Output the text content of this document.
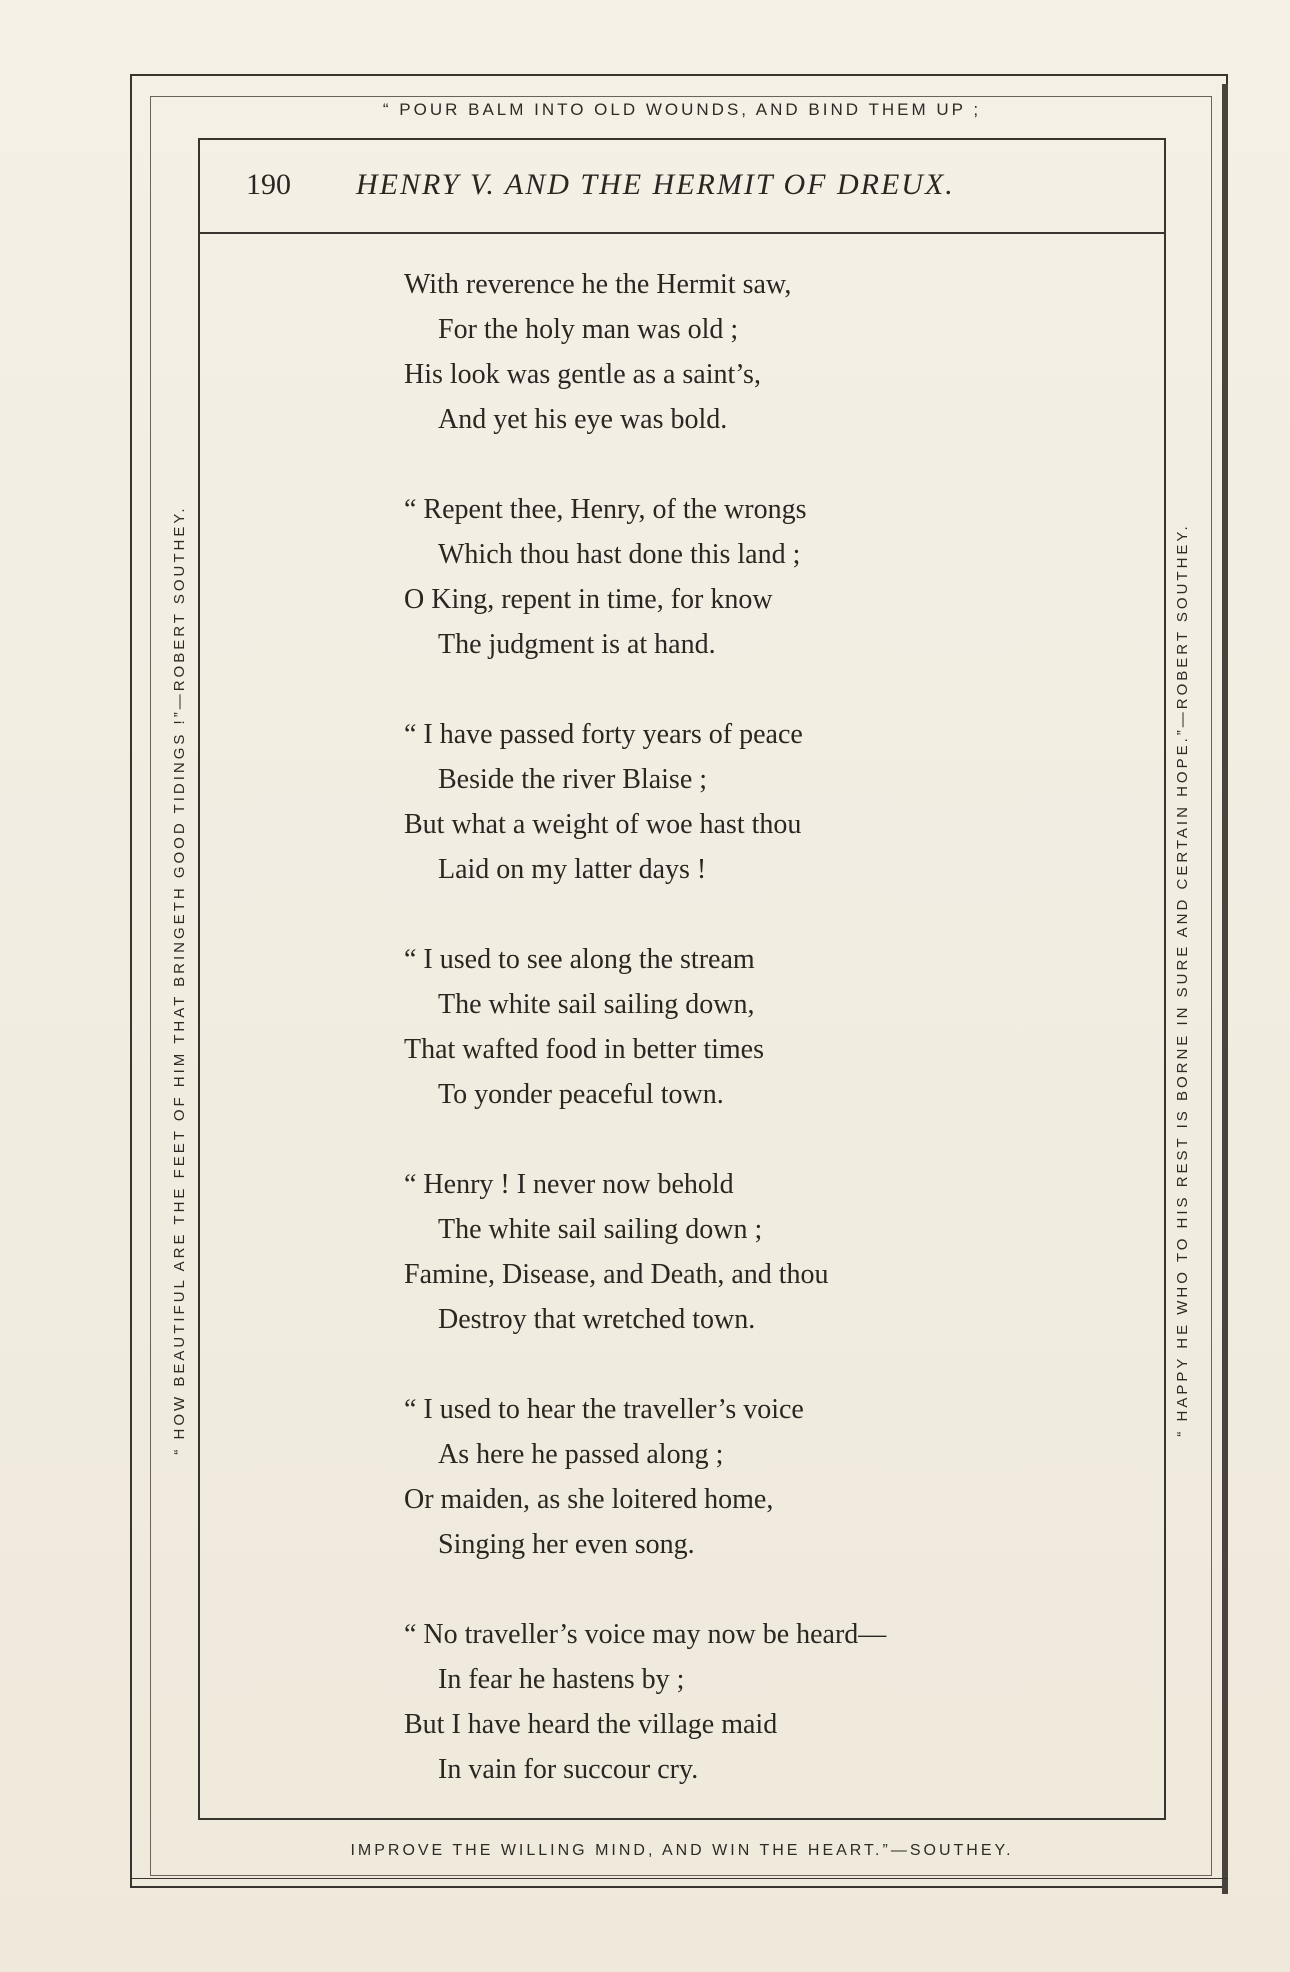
“ POUR BALM INTO OLD WOUNDS, AND BIND THEM UP ;
IMPROVE THE WILLING MIND, AND WIN THE HEART.”—SOUTHEY.
“ HOW BEAUTIFUL ARE THE FEET OF HIM THAT BRINGETH GOOD TIDINGS !”—ROBERT SOUTHEY.	“ HAPPY HE WHO TO HIS REST IS BORNE IN SURE AND CERTAIN HOPE.”—ROBERT SOUTHEY.
190 HENRY V. AND THE HERMIT OF DREUX.
With reverence he the Hermit saw,
For the holy man was old ;
His look was gentle as a saint’s,
And yet his eye was bold.
“ Repent thee, Henry, of the wrongs
Which thou hast done this land ;
O King, repent in time, for know
The judgment is at hand.
“ I have passed forty years of peace
Beside the river Blaise ;
But what a weight of woe hast thou
Laid on my latter days !
“ I used to see along the stream
The white sail sailing down,
That wafted food in better times
To yonder peaceful town.
“ Henry ! I never now behold
The white sail sailing down ;
Famine, Disease, and Death, and thou
Destroy that wretched town.
“ I used to hear the traveller’s voice
As here he passed along ;
Or maiden, as she loitered home,
Singing her even song.
“ No traveller’s voice may now be heard—
In fear he hastens by ;
But I have heard the village maid
In vain for succour cry.
